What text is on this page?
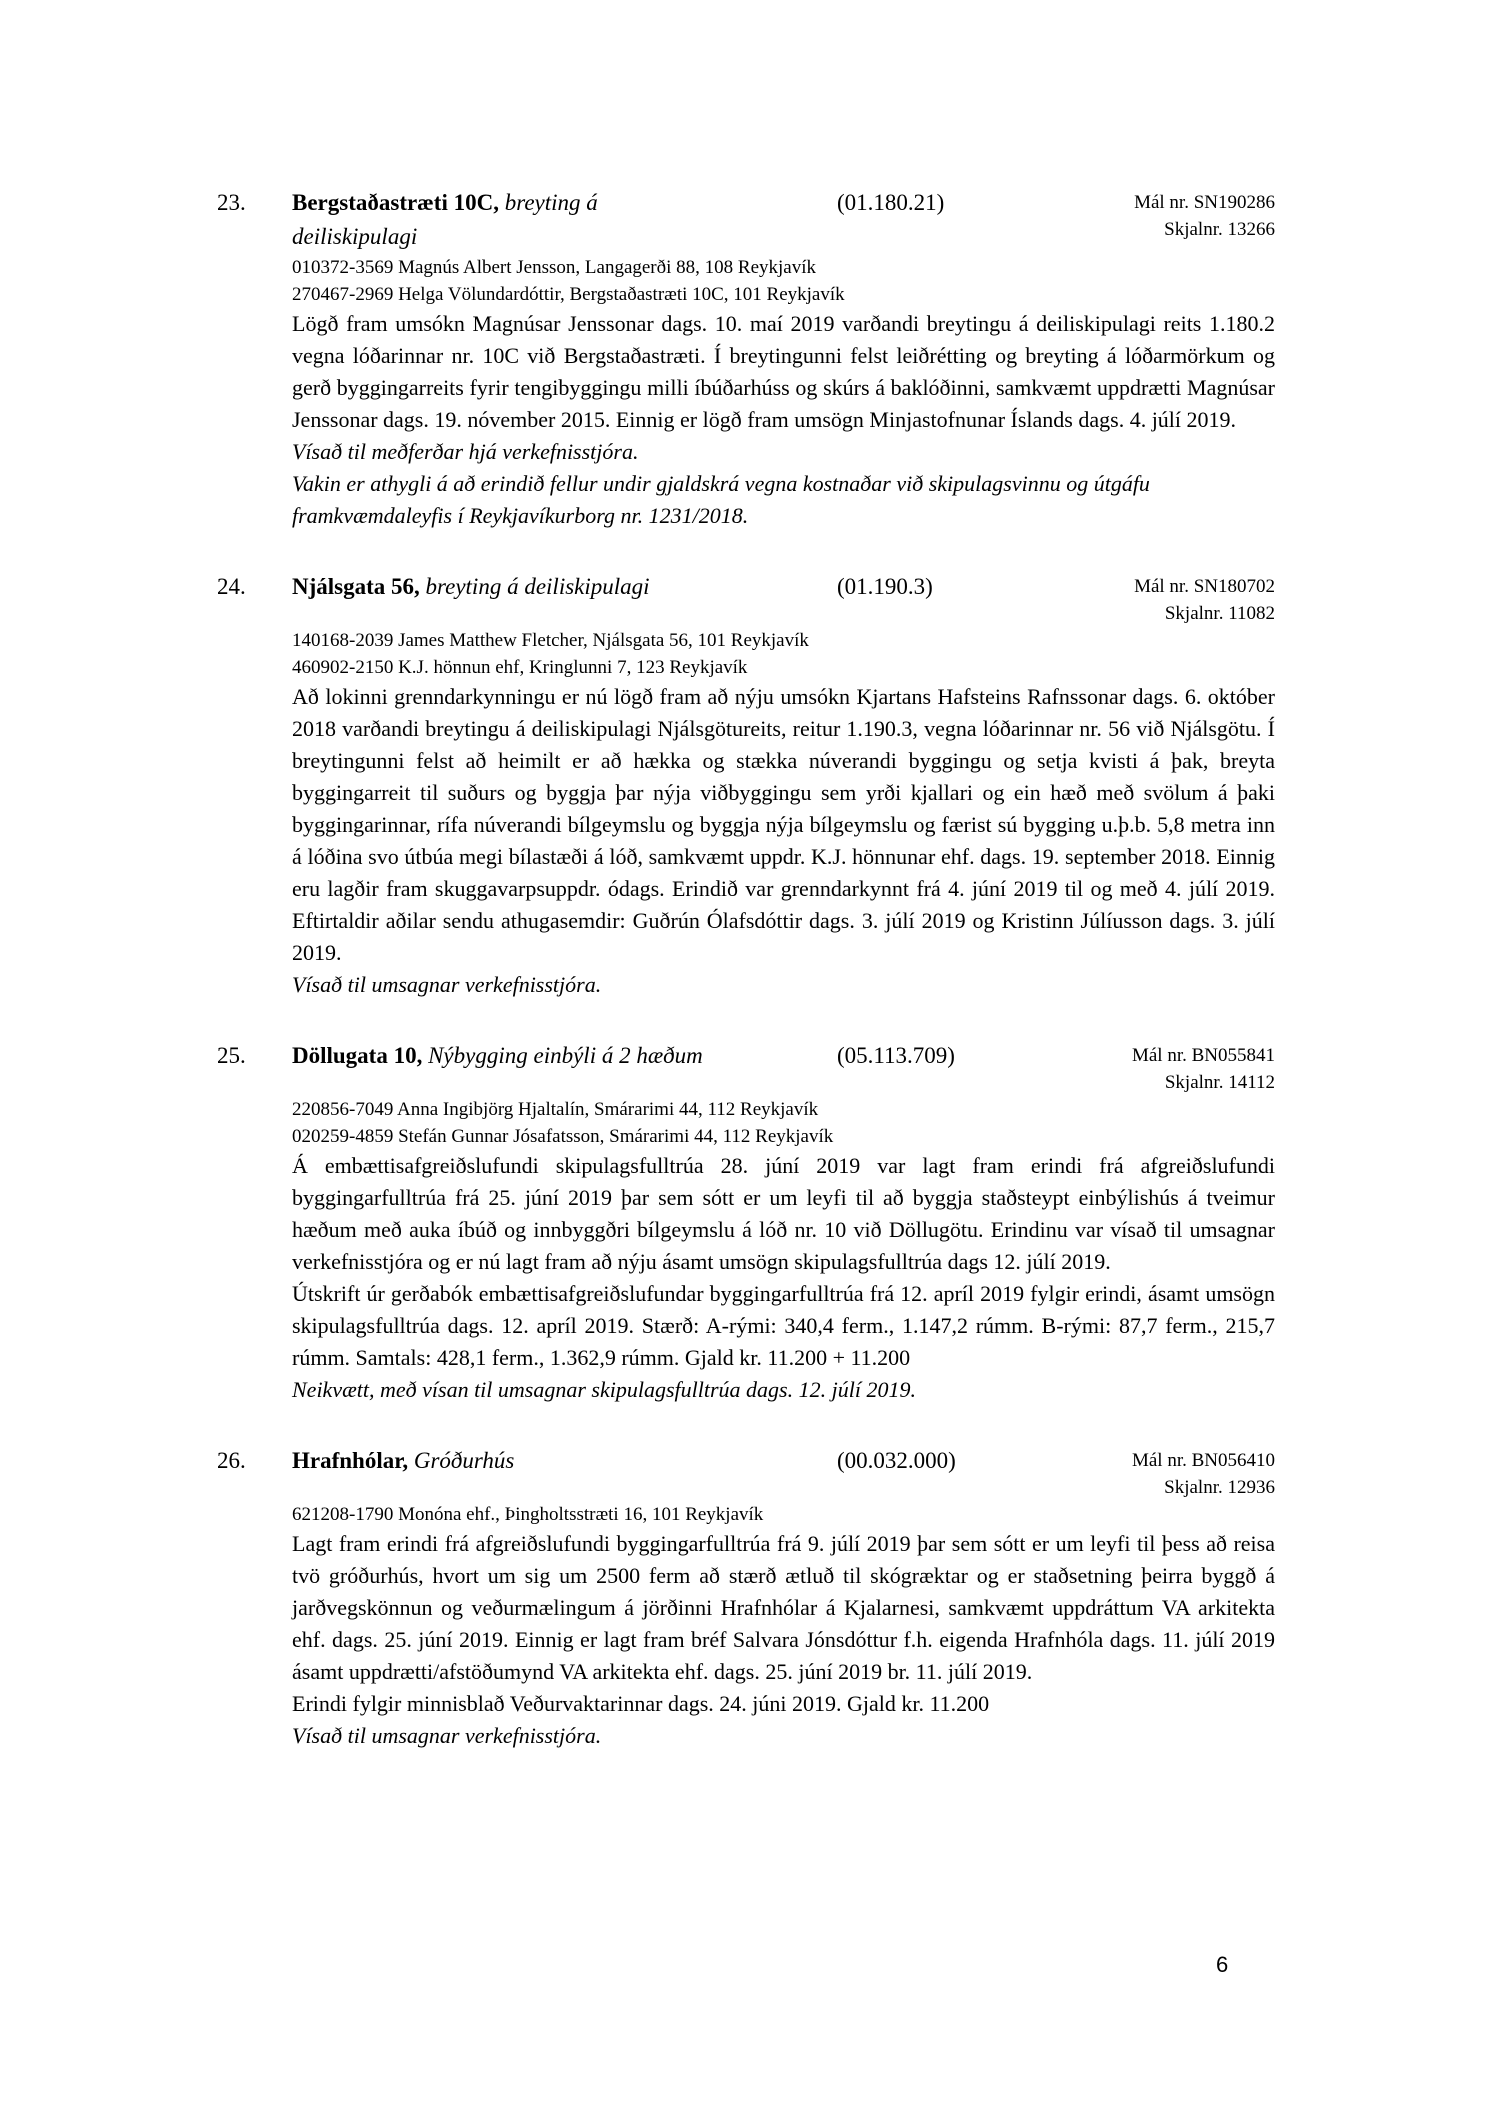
23.	Bergstaðastræti 10C, breyting á
deiliskipulagi
(01.180.21)	Mál nr. SN190286
Skjalnr. 13266
010372-3569 Magnús Albert Jensson, Langagerði 88, 108 Reykjavík
270467-2969 Helga Völundardóttir, Bergstaðastræti 10C, 101 Reykjavík

Lögð fram umsókn Magnúsar Jenssonar dags. 10. maí 2019 varðandi breytingu á deiliskipulagi reits 1.180.2 vegna lóðarinnar nr. 10C við Bergstaðastræti. Í breytingunni felst leiðrétting og breyting á lóðarmörkum og gerð byggingarreits fyrir tengibyggingu milli íbúðarhúss og skúrs á baklóðinni, samkvæmt uppdrætti Magnúsar Jenssonar dags. 19. nóvember 2015. Einnig er lögð fram umsögn Minjastofnunar Íslands dags. 4. júlí 2019.

Vísað til meðferðar hjá verkefnisstjóra.

Vakin er athygli á að erindið fellur undir gjaldskrá vegna kostnaðar við skipulagsvinnu og útgáfu framkvæmdaleyfis í Reykjavíkurborg nr. 1231/2018.

24.	Njálsgata 56, breyting á deiliskipulagi	(01.190.3)	Mál nr. SN180702
Skjalnr. 11082
140168-2039 James Matthew Fletcher, Njálsgata 56, 101 Reykjavík
460902-2150 K.J. hönnun ehf, Kringlunni 7, 123 Reykjavík

Að lokinni grenndarkynningu er nú lögð fram að nýju umsókn Kjartans Hafsteins Rafnssonar dags. 6. október 2018 varðandi breytingu á deiliskipulagi Njálsgötureits, reitur 1.190.3, vegna lóðarinnar nr. 56 við Njálsgötu. Í breytingunni felst að heimilt er að hækka og stækka núverandi byggingu og setja kvisti á þak, breyta byggingarreit til suðurs og byggja þar nýja viðbyggingu sem yrði kjallari og ein hæð með svölum á þaki byggingarinnar, rífa núverandi bílgeymslu og byggja nýja bílgeymslu og færist sú bygging u.þ.b. 5,8 metra inn á lóðina svo útbúa megi bílastæði á lóð, samkvæmt uppdr. K.J. hönnunar ehf. dags. 19. september 2018. Einnig eru lagðir fram skuggavarpsuppdr. ódags. Erindið var grenndarkynnt frá 4. júní 2019 til og með 4. júlí 2019. Eftirtaldir aðilar sendu athugasemdir: Guðrún Ólafsdóttir dags. 3. júlí 2019 og Kristinn Júlíusson dags. 3. júlí 2019.

Vísað til umsagnar verkefnisstjóra.

25.	Döllugata 10, Nýbygging einbýli á 2 hæðum	(05.113.709)	Mál nr. BN055841
Skjalnr. 14112
220856-7049 Anna Ingibjörg Hjaltalín, Smárarimi 44, 112 Reykjavík
020259-4859 Stefán Gunnar Jósafatsson, Smárarimi 44, 112 Reykjavík

Á embættisafgreiðslufundi skipulagsfulltrúa 28. júní 2019 var lagt fram erindi frá afgreiðslufundi byggingarfulltrúa frá 25. júní 2019 þar sem sótt er um leyfi til að byggja staðsteypt einbýlishús á tveimur hæðum með auka íbúð og innbyggðri bílgeymslu á lóð nr. 10 við Döllugötu. Erindinu var vísað til umsagnar verkefnisstjóra og er nú lagt fram að nýju ásamt umsögn skipulagsfulltrúa dags 12. júlí 2019.

Útskrift úr gerðabók embættisafgreiðslufundar byggingarfulltrúa frá 12. apríl 2019 fylgir erindi, ásamt umsögn skipulagsfulltrúa dags. 12. apríl 2019. Stærð: A-rými: 340,4 ferm., 1.147,2 rúmm. B-rými: 87,7 ferm., 215,7 rúmm. Samtals: 428,1 ferm., 1.362,9 rúmm. Gjald kr. 11.200 + 11.200

Neikvætt, með vísan til umsagnar skipulagsfulltrúa dags. 12. júlí 2019.

26.	Hrafnhólar, Gróðurhús	(00.032.000)	Mál nr. BN056410
Skjalnr. 12936
621208-1790 Monóna ehf., Þingholtsstræti 16, 101 Reykjavík

Lagt fram erindi frá afgreiðslufundi byggingarfulltrúa frá 9. júlí 2019 þar sem sótt er um leyfi til þess að reisa tvö gróðurhús, hvort um sig um 2500 ferm að stærð ætluð til skógræktar og er staðsetning þeirra byggð á jarðvegskönnun og veðurmælingum á jörðinni Hrafnhólar á Kjalarnesi, samkvæmt uppdráttum VA arkitekta ehf. dags. 25. júní 2019. Einnig er lagt fram bréf Salvara Jónsdóttur f.h. eigenda Hrafnhóla dags. 11. júlí 2019 ásamt uppdrætti/afstöðumynd VA arkitekta ehf. dags. 25. júní 2019 br. 11. júlí 2019.

Erindi fylgir minnisblað Veðurvaktarinnar dags. 24. júni 2019. Gjald kr. 11.200

Vísað til umsagnar verkefnisstjóra.

6
